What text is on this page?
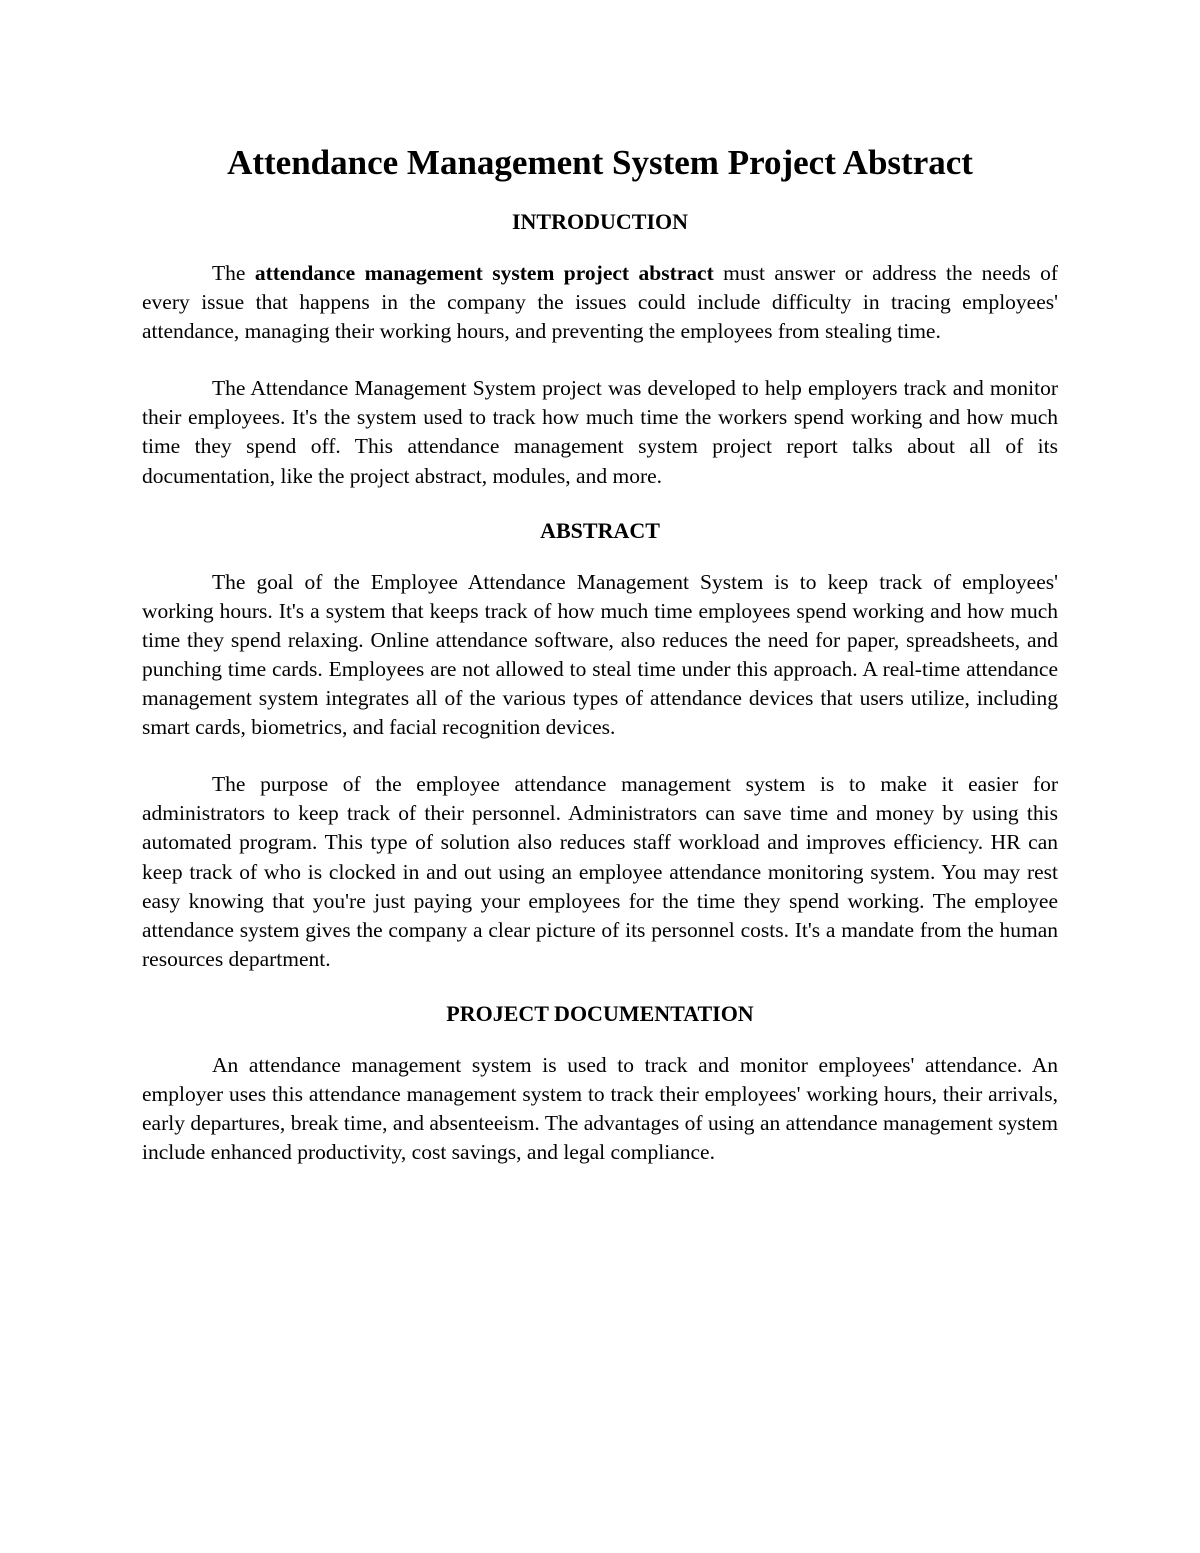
Attendance Management System Project Abstract
INTRODUCTION

The attendance management system project abstract must answer or address the needs of every issue that happens in the company the issues could include difficulty in tracing employees' attendance, managing their working hours, and preventing the employees from stealing time.

The Attendance Management System project was developed to help employers track and monitor their employees. It's the system used to track how much time the workers spend working and how much time they spend off. This attendance management system project report talks about all of its documentation, like the project abstract, modules, and more.

ABSTRACT

The goal of the Employee Attendance Management System is to keep track of employees' working hours. It's a system that keeps track of how much time employees spend working and how much time they spend relaxing. Online attendance software, also reduces the need for paper, spreadsheets, and punching time cards. Employees are not allowed to steal time under this approach. A real-time attendance management system integrates all of the various types of attendance devices that users utilize, including smart cards, biometrics, and facial recognition devices.

The purpose of the employee attendance management system is to make it easier for administrators to keep track of their personnel. Administrators can save time and money by using this automated program. This type of solution also reduces staff workload and improves efficiency. HR can keep track of who is clocked in and out using an employee attendance monitoring system. You may rest easy knowing that you're just paying your employees for the time they spend working. The employee attendance system gives the company a clear picture of its personnel costs. It's a mandate from the human resources department.

PROJECT DOCUMENTATION

An attendance management system is used to track and monitor employees' attendance. An employer uses this attendance management system to track their employees' working hours, their arrivals, early departures, break time, and absenteeism. The advantages of using an attendance management system include enhanced productivity, cost savings, and legal compliance.
